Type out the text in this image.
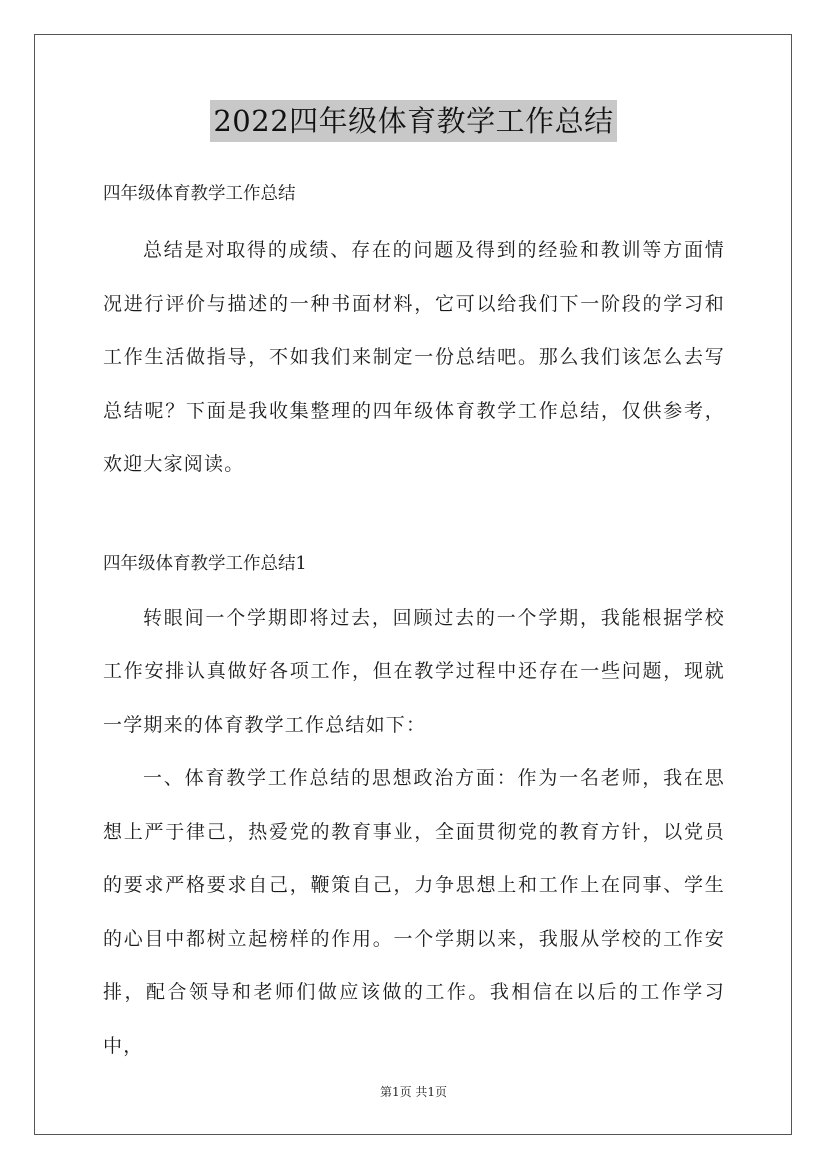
2022四年级体育教学工作总结

四年级体育教学工作总结

总结是对取得的成绩、存在的问题及得到的经验和教训等方面情况进行评价与描述的一种书面材料，它可以给我们下一阶段的学习和工作生活做指导，不如我们来制定一份总结吧。那么我们该怎么去写总结呢？下面是我收集整理的四年级体育教学工作总结，仅供参考，欢迎大家阅读。

四年级体育教学工作总结1

转眼间一个学期即将过去，回顾过去的一个学期，我能根据学校工作安排认真做好各项工作，但在教学过程中还存在一些问题，现就一学期来的体育教学工作总结如下：

一、体育教学工作总结的思想政治方面：作为一名老师，我在思想上严于律己，热爱党的教育事业，全面贯彻党的教育方针，以党员的要求严格要求自己，鞭策自己，力争思想上和工作上在同事、学生的心目中都树立起榜样的作用。一个学期以来，我服从学校的工作安排，配合领导和老师们做应该做的工作。我相信在以后的工作学习中，

第1页 共1页
